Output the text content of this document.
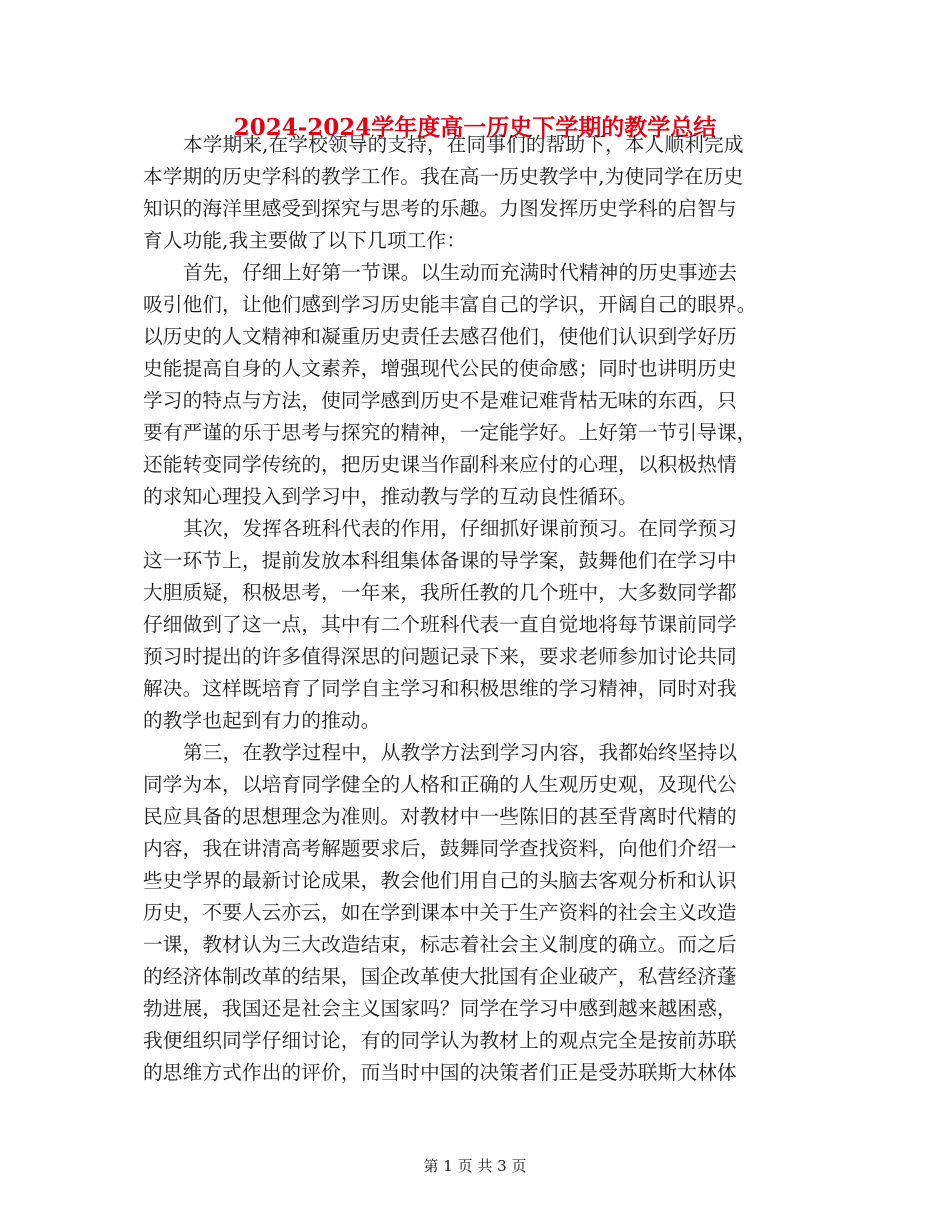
2024-2024学年度高一历史下学期的教学总结
本学期来,在学校领导的支持，在同事们的帮助下，本人顺利完成
本学期的历史学科的教学工作。我在高一历史教学中,为使同学在历史
知识的海洋里感受到探究与思考的乐趣。力图发挥历史学科的启智与
育人功能,我主要做了以下几项工作：
首先，仔细上好第一节课。以生动而充满时代精神的历史事迹去
吸引他们，让他们感到学习历史能丰富自己的学识，开阔自己的眼界。
以历史的人文精神和凝重历史责任去感召他们，使他们认识到学好历
史能提高自身的人文素养，增强现代公民的使命感；同时也讲明历史
学习的特点与方法，使同学感到历史不是难记难背枯无味的东西，只
要有严谨的乐于思考与探究的精神，一定能学好。上好第一节引导课，
还能转变同学传统的，把历史课当作副科来应付的心理，以积极热情
的求知心理投入到学习中，推动教与学的互动良性循环。
其次，发挥各班科代表的作用，仔细抓好课前预习。在同学预习
这一环节上，提前发放本科组集体备课的导学案，鼓舞他们在学习中
大胆质疑，积极思考，一年来，我所任教的几个班中，大多数同学都
仔细做到了这一点，其中有二个班科代表一直自觉地将每节课前同学
预习时提出的许多值得深思的问题记录下来，要求老师参加讨论共同
解决。这样既培育了同学自主学习和积极思维的学习精神，同时对我
的教学也起到有力的推动。
第三，在教学过程中，从教学方法到学习内容，我都始终坚持以
同学为本，以培育同学健全的人格和正确的人生观历史观，及现代公
民应具备的思想理念为准则。对教材中一些陈旧的甚至背离时代精的
内容，我在讲清高考解题要求后，鼓舞同学查找资料，向他们介绍一
些史学界的最新讨论成果，教会他们用自己的头脑去客观分析和认识
历史，不要人云亦云，如在学到课本中关于生产资料的社会主义改造
一课，教材认为三大改造结束，标志着社会主义制度的确立。而之后
的经济体制改革的结果，国企改革使大批国有企业破产，私营经济蓬
勃进展，我国还是社会主义国家吗？同学在学习中感到越来越困惑，
我便组织同学仔细讨论，有的同学认为教材上的观点完全是按前苏联
的思维方式作出的评价，而当时中国的决策者们正是受苏联斯大林体
第 1 页 共 3 页
